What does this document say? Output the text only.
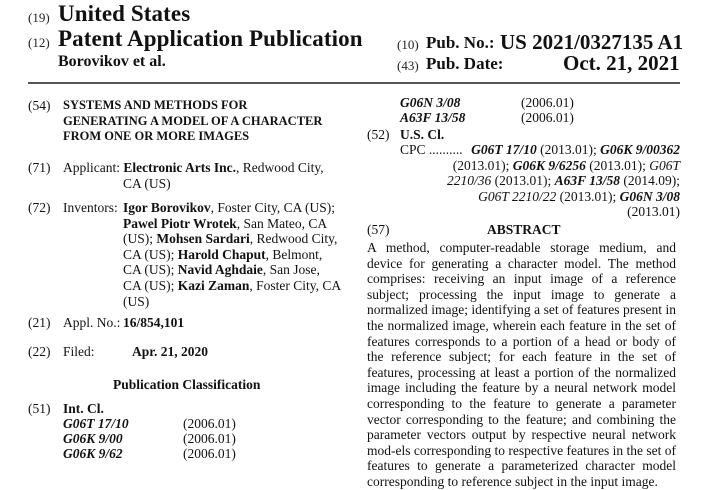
(19) United States
(12) Patent Application Publication
Borovikov et al.
(10) Pub. No.: US 2021/0327135 A1
(43) Pub. Date:	Oct. 21, 2021
(54) SYSTEMS AND METHODS FOR
GENERATING A MODEL OF A CHARACTER
FROM ONE OR MORE IMAGES
(71) Applicant: Electronic Arts Inc., Redwood City,
CA (US)
(72) Inventors: Igor Borovikov, Foster City, CA (US);
Pawel Piotr Wrotek, San Mateo, CA
(US); Mohsen Sardari, Redwood City,
CA (US); Harold Chaput, Belmont,
CA (US); Navid Aghdaie, San Jose,
CA (US); Kazi Zaman, Foster City, CA
(US)
(21) Appl. No.: 16/854,101
(22) Filed:	Apr. 21, 2020
Publication Classification
(51) Int. Cl.
G06T 17/10	(2006.01)
G06K 9/00	(2006.01)
G06K 9/62	(2006.01)
G06N 3/08	(2006.01)
A63F 13/58	(2006.01)
(52) U.S. Cl.
CPC .......... G06T 17/10 (2013.01); G06K 9/00362
(2013.01); G06K 9/6256 (2013.01); G06T
2210/36 (2013.01); A63F 13/58 (2014.09);
G06T 2210/22 (2013.01); G06N 3/08
(2013.01)
(57)	ABSTRACT
A method, computer-readable storage medium, and device for generating a character model. The method comprises: receiving an input image of a reference subject; processing the input image to generate a normalized image; identifying a set of features present in the normalized image, wherein each feature in the set of features corresponds to a portion of a head or body of the reference subject; for each feature in the set of features, processing at least a portion of the normalized image including the feature by a neural network model corresponding to the feature to generate a parameter vector corresponding to the feature; and combining the parameter vectors output by respective neural network mod-els corresponding to respective features in the set of features to generate a parameterized character model corresponding to reference subject in the input image.
